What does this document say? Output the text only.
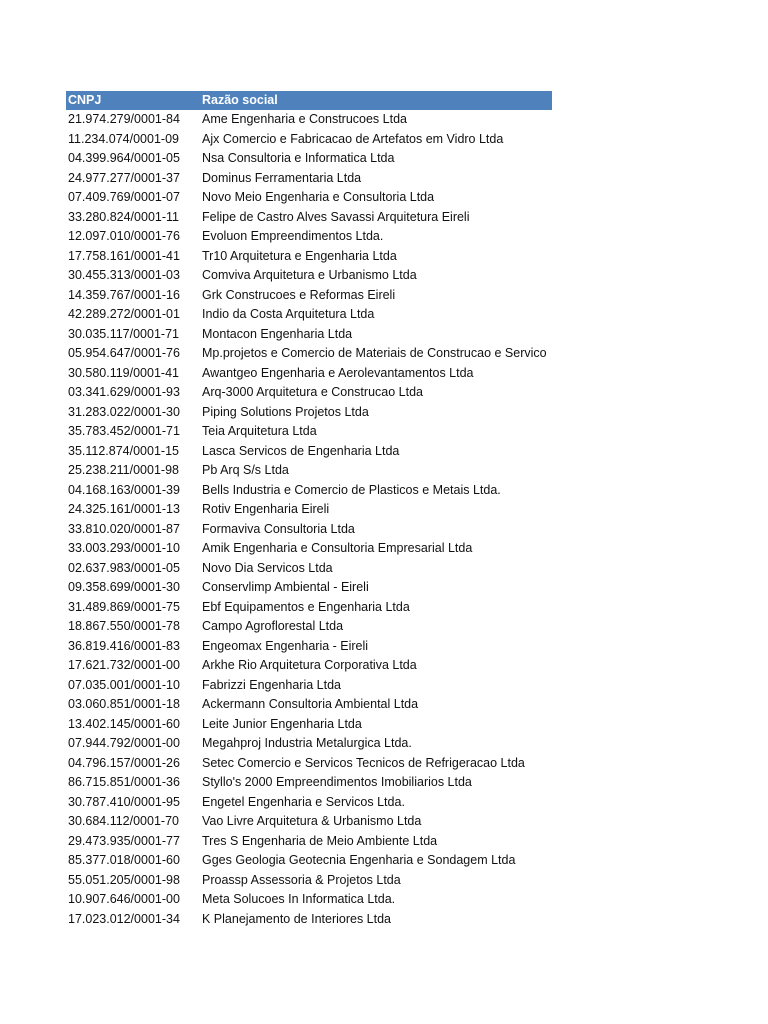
CNPJ	Razão social
21.974.279/0001-84	Ame Engenharia e Construcoes Ltda
11.234.074/0001-09	Ajx Comercio e Fabricacao de Artefatos em Vidro Ltda
04.399.964/0001-05	Nsa Consultoria e Informatica Ltda
24.977.277/0001-37	Dominus Ferramentaria Ltda
07.409.769/0001-07	Novo Meio Engenharia e Consultoria Ltda
33.280.824/0001-11	Felipe de Castro Alves Savassi Arquitetura Eireli
12.097.010/0001-76	Evoluon Empreendimentos Ltda.
17.758.161/0001-41	Tr10 Arquitetura e Engenharia Ltda
30.455.313/0001-03	Comviva Arquitetura e Urbanismo Ltda
14.359.767/0001-16	Grk Construcoes e Reformas Eireli
42.289.272/0001-01	Indio da Costa Arquitetura Ltda
30.035.117/0001-71	Montacon Engenharia Ltda
05.954.647/0001-76	Mp.projetos e Comercio de Materiais de Construcao e Servico
30.580.119/0001-41	Awantgeo Engenharia e Aerolevantamentos Ltda
03.341.629/0001-93	Arq-3000 Arquitetura e Construcao Ltda
31.283.022/0001-30	Piping Solutions Projetos Ltda
35.783.452/0001-71	Teia Arquitetura Ltda
35.112.874/0001-15	Lasca Servicos de Engenharia Ltda
25.238.211/0001-98	Pb Arq S/s Ltda
04.168.163/0001-39	Bells Industria e Comercio de Plasticos e Metais Ltda.
24.325.161/0001-13	Rotiv Engenharia Eireli
33.810.020/0001-87	Formaviva Consultoria Ltda
33.003.293/0001-10	Amik Engenharia e Consultoria Empresarial Ltda
02.637.983/0001-05	Novo Dia Servicos Ltda
09.358.699/0001-30	Conservlimp Ambiental - Eireli
31.489.869/0001-75	Ebf Equipamentos e Engenharia Ltda
18.867.550/0001-78	Campo Agroflorestal Ltda
36.819.416/0001-83	Engeomax Engenharia - Eireli
17.621.732/0001-00	Arkhe Rio Arquitetura Corporativa Ltda
07.035.001/0001-10	Fabrizzi Engenharia Ltda
03.060.851/0001-18	Ackermann Consultoria Ambiental Ltda
13.402.145/0001-60	Leite Junior Engenharia Ltda
07.944.792/0001-00	Megahproj Industria Metalurgica Ltda.
04.796.157/0001-26	Setec Comercio e Servicos Tecnicos de Refrigeracao Ltda
86.715.851/0001-36	Styllo's 2000 Empreendimentos Imobiliarios Ltda
30.787.410/0001-95	Engetel Engenharia e Servicos Ltda.
30.684.112/0001-70	Vao Livre Arquitetura & Urbanismo Ltda
29.473.935/0001-77	Tres S Engenharia de Meio Ambiente Ltda
85.377.018/0001-60	Gges Geologia Geotecnia Engenharia e Sondagem Ltda
55.051.205/0001-98	Proassp Assessoria & Projetos Ltda
10.907.646/0001-00	Meta Solucoes In Informatica Ltda.
17.023.012/0001-34	K Planejamento de Interiores Ltda
